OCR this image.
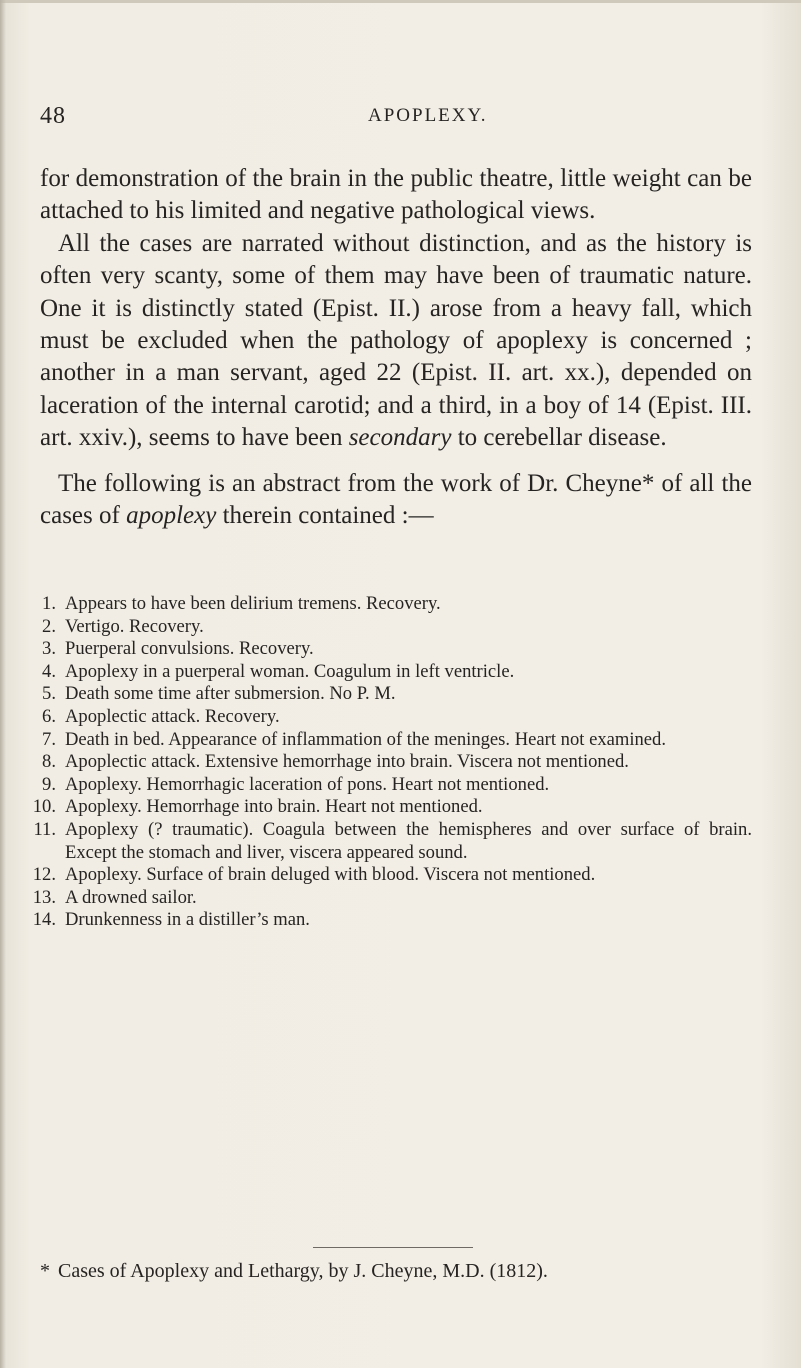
48	APOPLEXY.

for demonstration of the brain in the public theatre, little weight can be attached to his limited and negative pathological views.

All the cases are narrated without distinction, and as the history is often very scanty, some of them may have been of traumatic nature. One it is distinctly stated (Epist. II.) arose from a heavy fall, which must be excluded when the pathology of apoplexy is concerned ; another in a man servant, aged 22 (Epist. II. art. xx.), depended on laceration of the internal carotid; and a third, in a boy of 14 (Epist. III. art. xxiv.), seems to have been secondary to cerebellar disease.

The following is an abstract from the work of Dr. Cheyne* of all the cases of apoplexy therein contained :—

1. Appears to have been delirium tremens. Recovery.
2. Vertigo. Recovery.
3. Puerperal convulsions. Recovery.
4. Apoplexy in a puerperal woman. Coagulum in left ventricle.
5. Death some time after submersion. No P. M.
6. Apoplectic attack. Recovery.
7. Death in bed. Appearance of inflammation of the meninges. Heart not examined.
8. Apoplectic attack. Extensive hemorrhage into brain. Viscera not mentioned.
9. Apoplexy. Hemorrhagic laceration of pons. Heart not mentioned.
10. Apoplexy. Hemorrhage into brain. Heart not mentioned.
11. Apoplexy (? traumatic). Coagula between the hemispheres and over surface of brain. Except the stomach and liver, viscera appeared sound.
12. Apoplexy. Surface of brain deluged with blood. Viscera not mentioned.
13. A drowned sailor.
14. Drunkenness in a distiller’s man.
* Cases of Apoplexy and Lethargy, by J. Cheyne, M.D. (1812).
